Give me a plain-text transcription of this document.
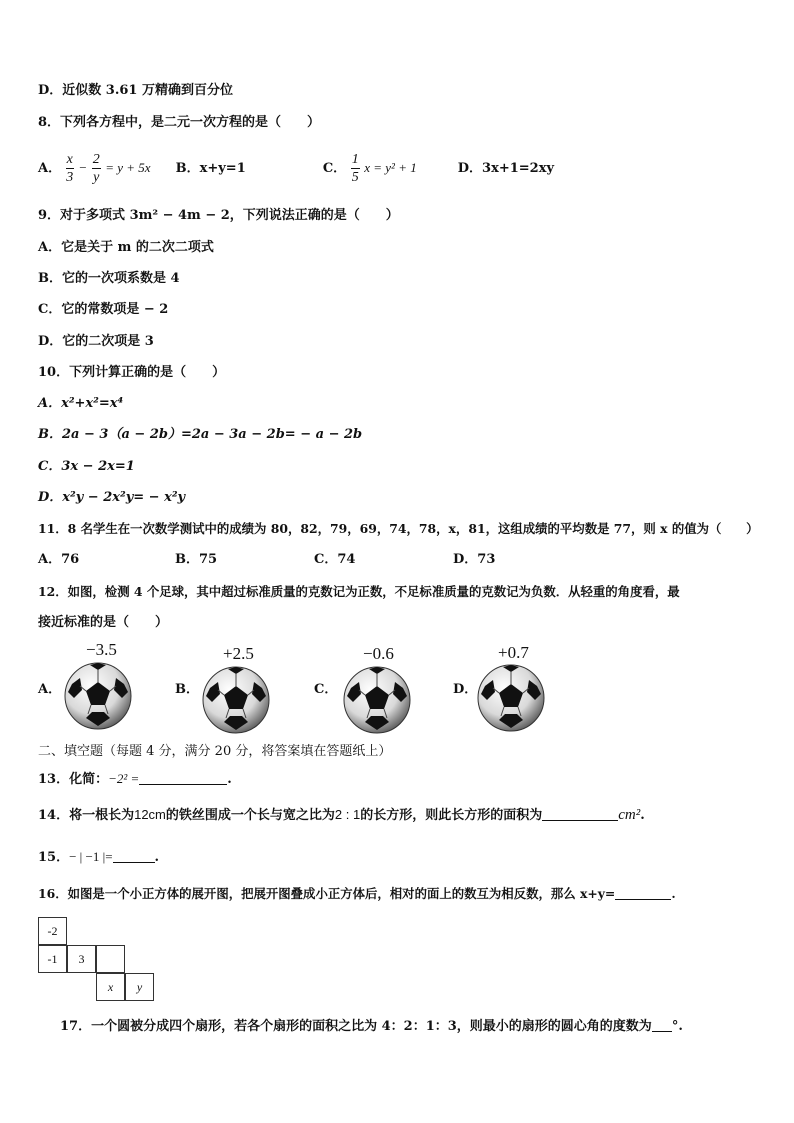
D．近似数 3.61 万精确到百分位
8．下列各方程中，是二元一次方程的是（　　）
A． $\frac{x}{3} - \frac{2}{y} = y + 5x$ B．x+y=1	C． $\frac{1}{5}$ x = y² + 1	D．3x+1=2xy
9．对于多项式 3m² − 4m − 2，下列说法正确的是（　　）
A．它是关于 m 的二次二项式
B．它的一次项系数是 4
C．它的常数项是 − 2
D．它的二次项是 3
10．下列计算正确的是（　　）
A．x²+x²=x⁴
B．2a − 3（a − 2b）=2a − 3a − 2b= − a − 2b
C．3x − 2x=1
D．x²y − 2x²y= − x²y
11．8 名学生在一次数学测试中的成绩为 80，82，79，69，74，78，x，81，这组成绩的平均数是 77，则 x 的值为（　　）
A．76	B．75	C．74	D．73
12．如图，检测 4 个足球，其中超过标准质量的克数记为正数，不足标准质量的克数记为负数．从轻重的角度看，最
接近标准的是（　　）
A．
−3.5
B．
+2.5
C．
−0.6
D．
+0.7
二、填空题（每题 4 分，满分 20 分，将答案填在答题纸上）
13．化简：−2² =	.
14．将一根长为12cm的铁丝围成一个长与宽之比为2 : 1的长方形，则此长方形的面积为	cm².
15．− | −1 |=	.
16．如图是一个小正方体的展开图，把展开图叠成小正方体后，相对的面上的数互为相反数，那么 x+y=	.
-2
-1	3
x	y
17．一个圆被分成四个扇形，若各个扇形的面积之比为 4：2：1：3，则最小的扇形的圆心角的度数为 °.
